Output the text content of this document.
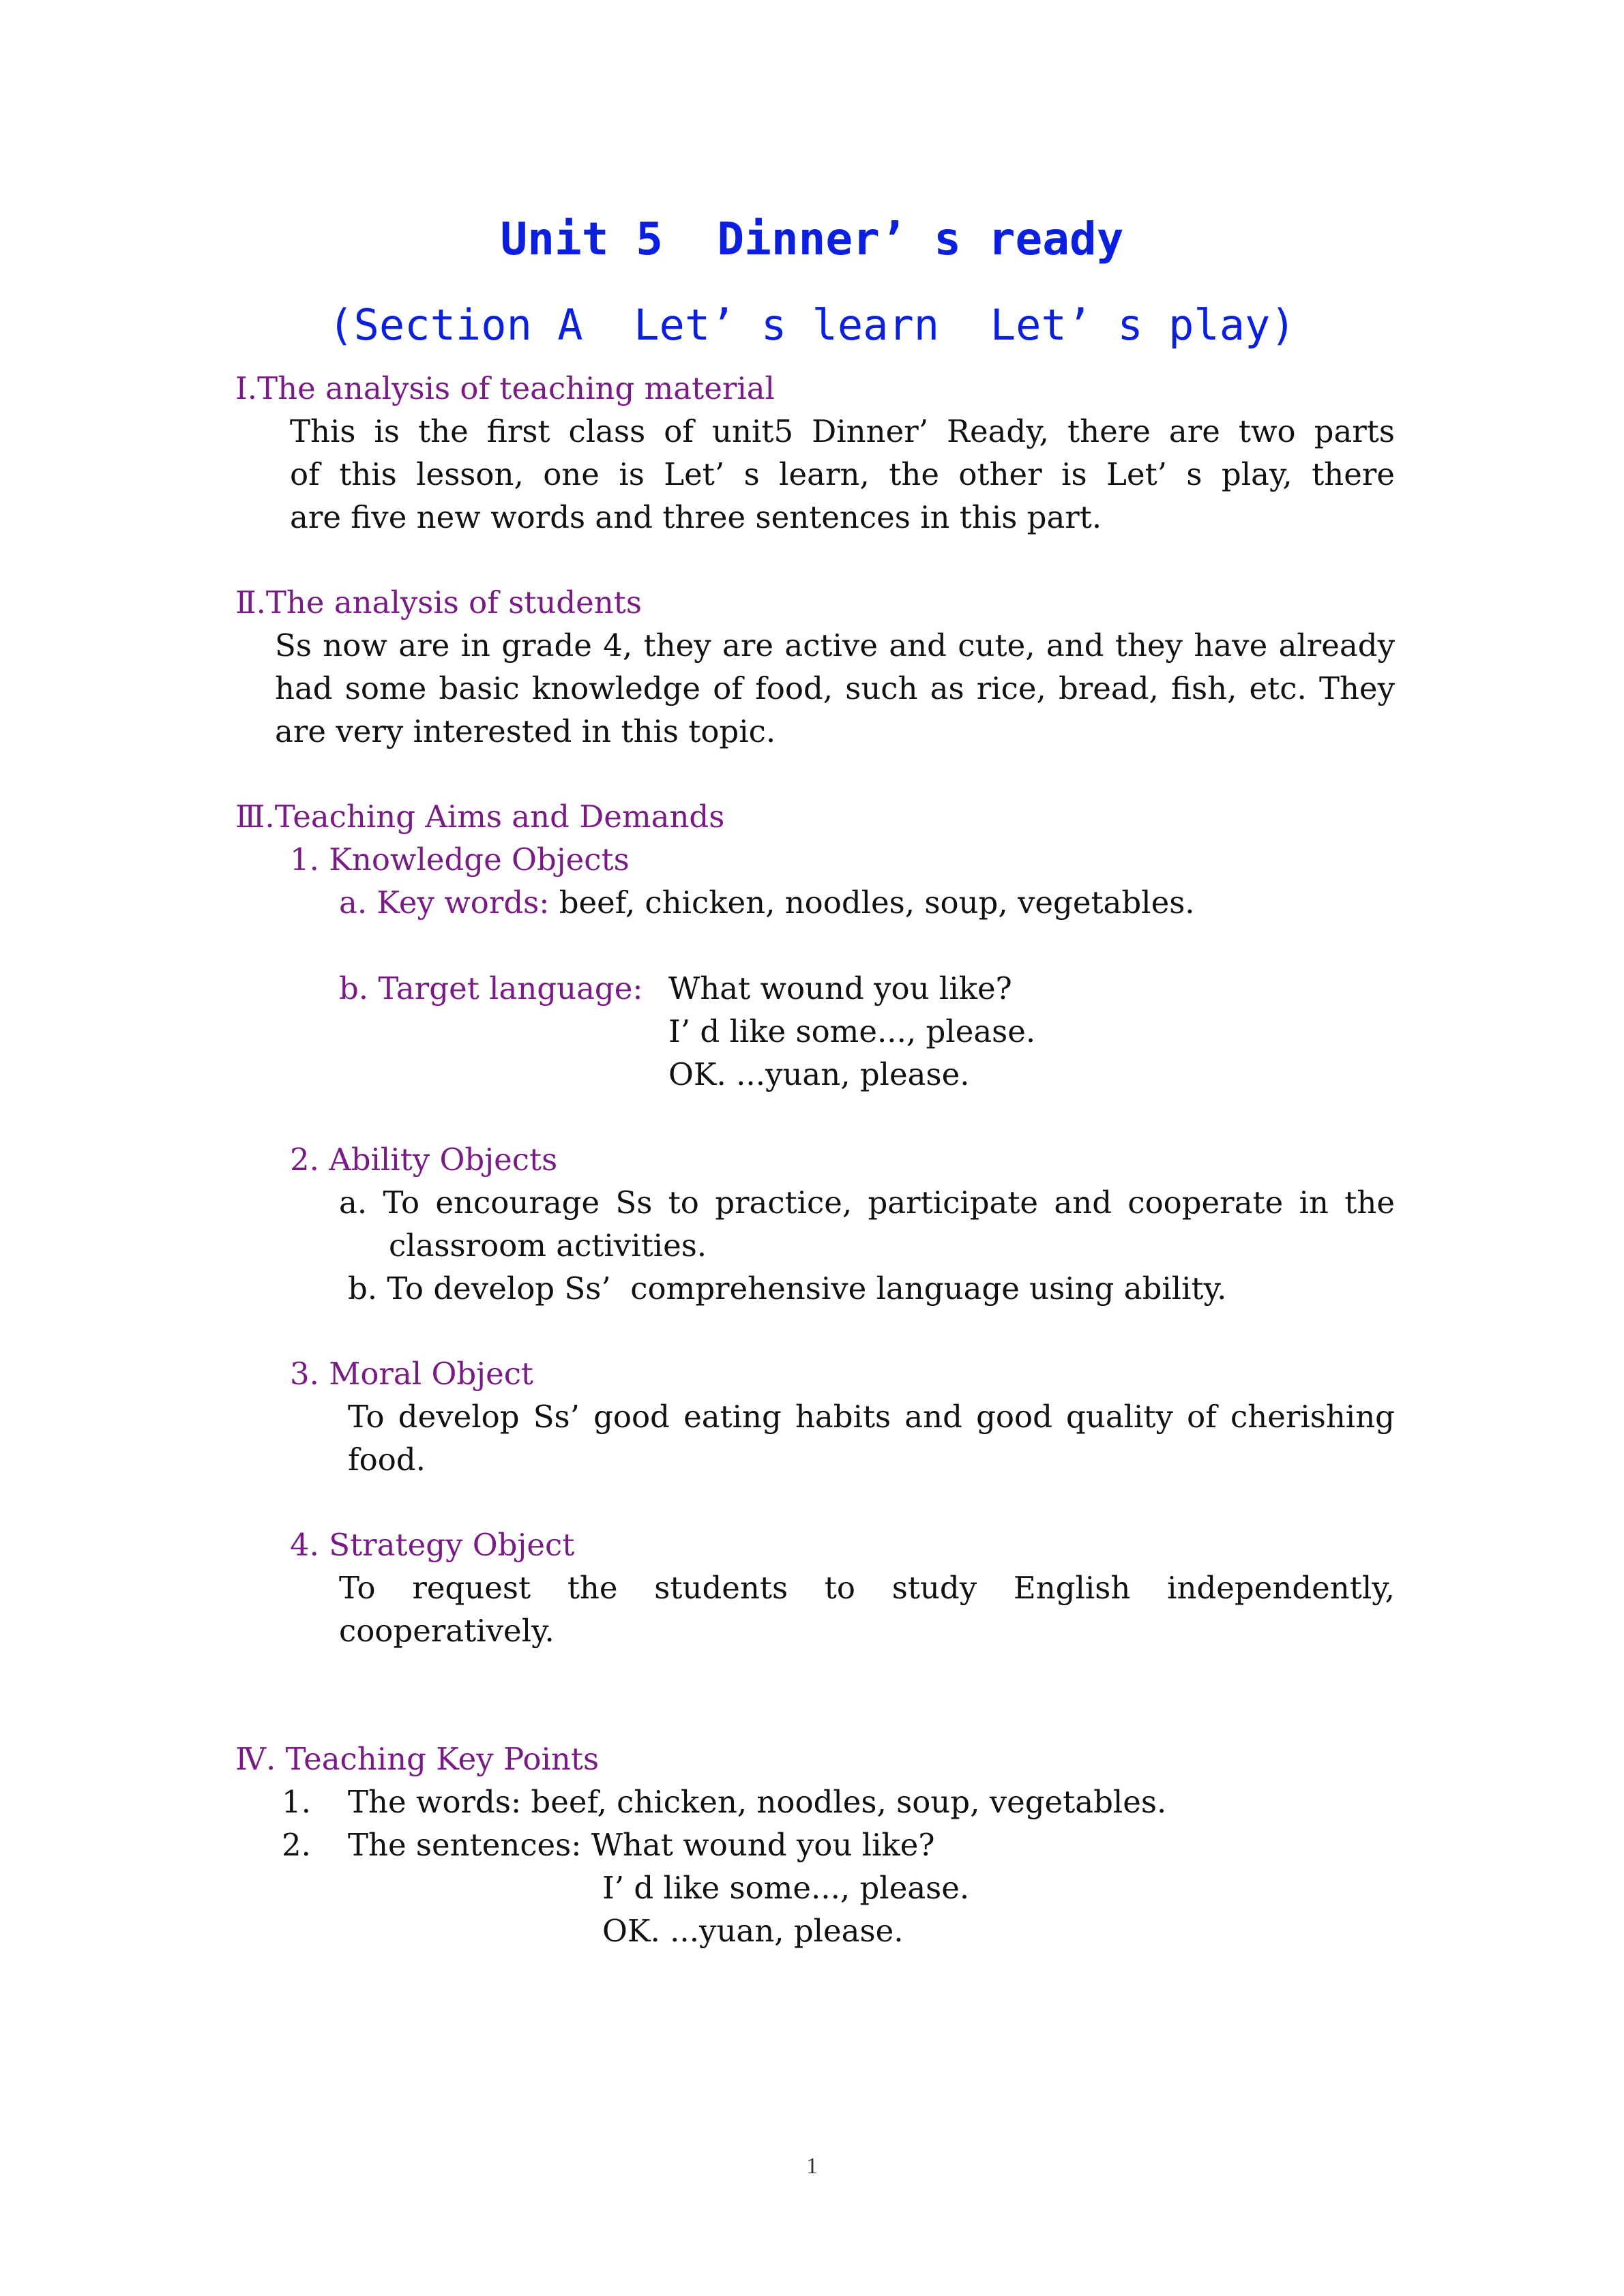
Unit 5  Dinner’ s ready
(Section A  Let’ s learn  Let’ s play)
Ⅰ.The analysis of teaching material
This is the first class of unit5 Dinner’ Ready, there are two parts
of this lesson, one is Let’ s learn, the other is Let’ s play, there
are five new words and three sentences in this part.
Ⅱ.The analysis of students
Ss now are in grade 4, they are active and cute, and they have already
had some basic knowledge of food, such as rice, bread, fish, etc. They
are very interested in this topic.
Ⅲ.Teaching Aims and Demands
1. Knowledge Objects
a. Key words: beef, chicken, noodles, soup, vegetables.
b. Target language: What wound you like?
I’ d like some..., please.
OK. ...yuan, please.
2. Ability Objects
a. To encourage Ss to practice, participate and cooperate in the
classroom activities.
b. To develop Ss’  comprehensive language using ability.
3. Moral Object
To develop Ss’ good eating habits and good quality of cherishing
food.
4. Strategy Object
To request the students to study English independently,
cooperatively.
Ⅳ. Teaching Key Points
1. The words: beef, chicken, noodles, soup, vegetables.
2. The sentences: What wound you like?
I’ d like some..., please.
OK. ...yuan, please.
1
